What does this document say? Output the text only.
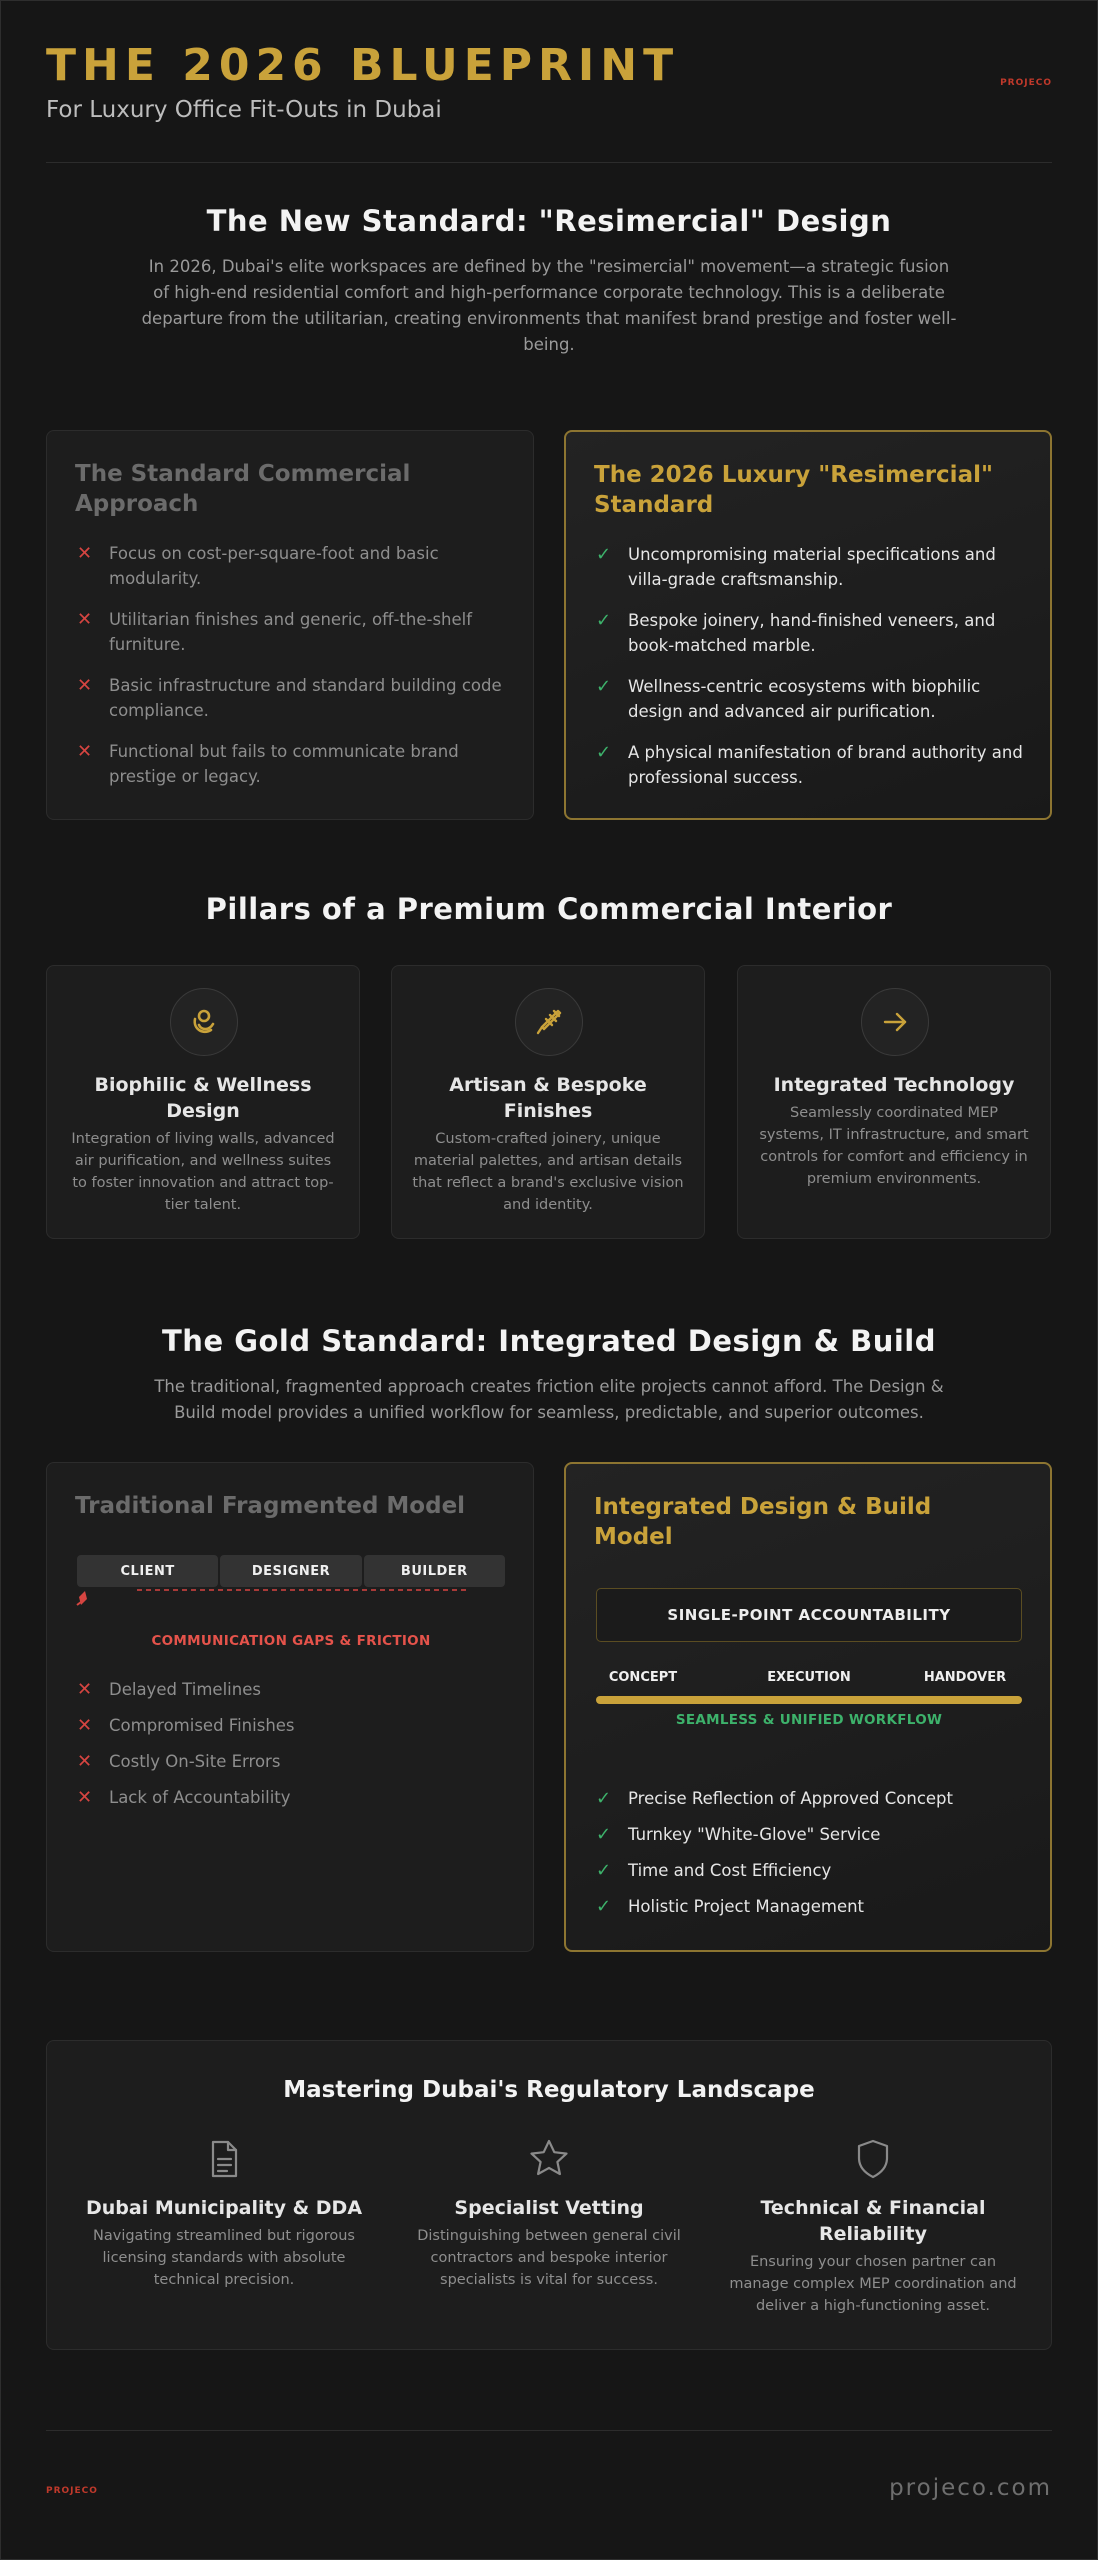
THE 2026 BLUEPRINT
For Luxury Office Fit-Outs in Dubai
PROJECO
The New Standard: "Resimercial" Design
In 2026, Dubai's elite workspaces are defined by the "resimercial" movement—a strategic fusion of high-end residential comfort and high-performance corporate technology. This is a deliberate departure from the utilitarian, creating environments that manifest brand prestige and foster well-being.
The Standard Commercial Approach
✕ Focus on cost-per-square-foot and basic modularity.
✕ Utilitarian finishes and generic, off-the-shelf furniture.
✕ Basic infrastructure and standard building code compliance.
✕ Functional but fails to communicate brand prestige or legacy.
The 2026 Luxury "Resimercial" Standard
✓ Uncompromising material specifications and villa-grade craftsmanship.
✓ Bespoke joinery, hand-finished veneers, and book-matched marble.
✓ Wellness-centric ecosystems with biophilic design and advanced air purification.
✓ A physical manifestation of brand authority and professional success.
Pillars of a Premium Commercial Interior
Biophilic & Wellness Design
Integration of living walls, advanced air purification, and wellness suites to foster innovation and attract top-tier talent.
Artisan & Bespoke Finishes
Custom-crafted joinery, unique material palettes, and artisan details that reflect a brand's exclusive vision and identity.
Integrated Technology
Seamlessly coordinated MEP systems, IT infrastructure, and smart controls for comfort and efficiency in premium environments.
The Gold Standard: Integrated Design & Build
The traditional, fragmented approach creates friction elite projects cannot afford. The Design & Build model provides a unified workflow for seamless, predictable, and superior outcomes.
Traditional Fragmented Model
CLIENT	DESIGNER	BUILDER
COMMUNICATION GAPS & FRICTION
✕ Delayed Timelines
✕ Compromised Finishes
✕ Costly On-Site Errors
✕ Lack of Accountability
Integrated Design & Build Model
SINGLE-POINT ACCOUNTABILITY
CONCEPT	EXECUTION	HANDOVER
SEAMLESS & UNIFIED WORKFLOW
✓ Precise Reflection of Approved Concept
✓ Turnkey "White-Glove" Service
✓ Time and Cost Efficiency
✓ Holistic Project Management
Mastering Dubai's Regulatory Landscape
Dubai Municipality & DDA
Navigating streamlined but rigorous licensing standards with absolute technical precision.
Specialist Vetting
Distinguishing between general civil contractors and bespoke interior specialists is vital for success.
Technical & Financial Reliability
Ensuring your chosen partner can manage complex MEP coordination and deliver a high-functioning asset.
PROJECO	projeco.com
